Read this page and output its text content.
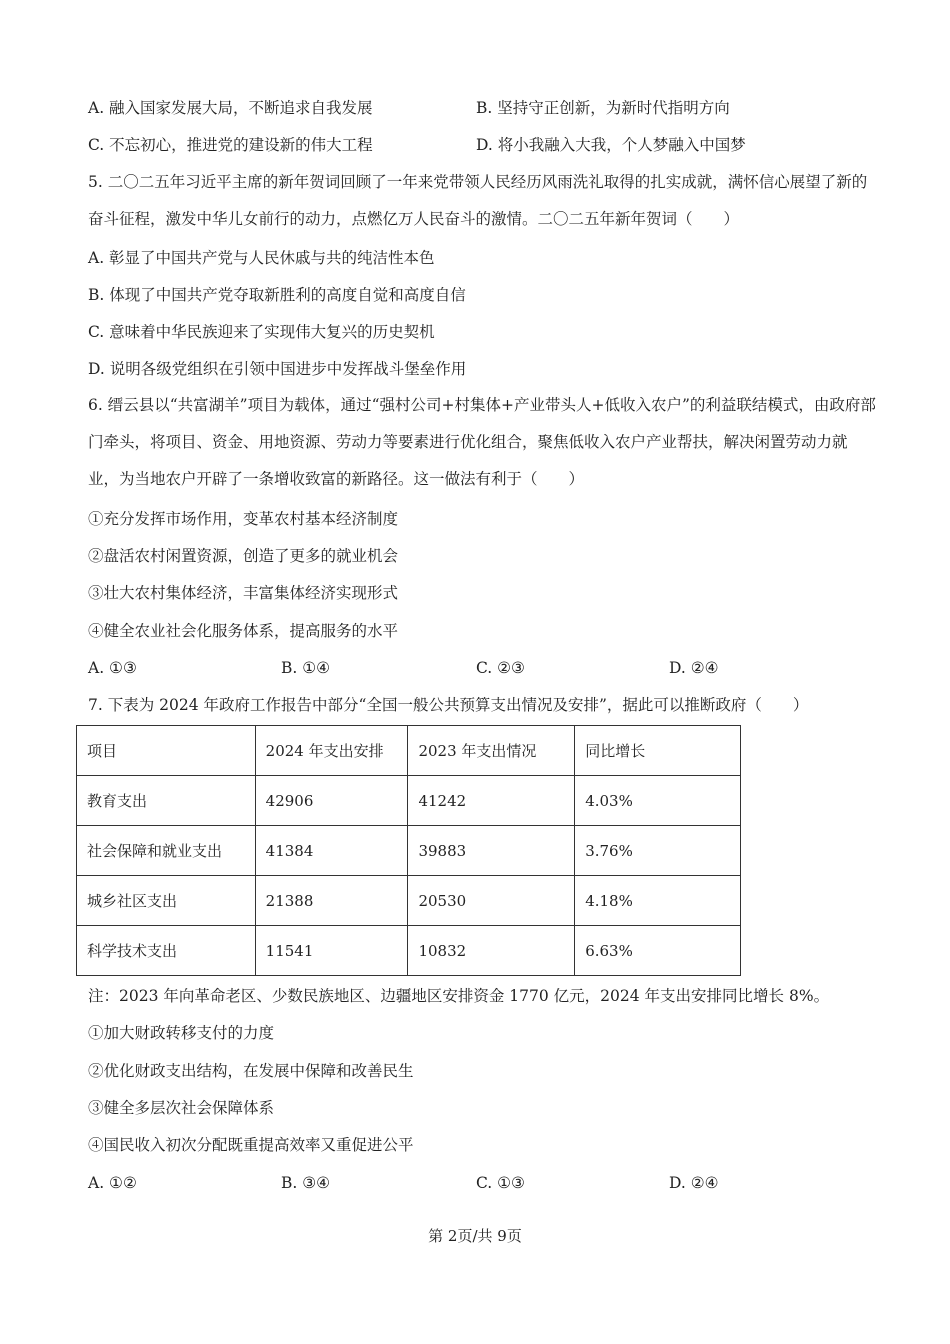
A. 融入国家发展大局，不断追求自我发展	B. 坚持守正创新，为新时代指明方向
C. 不忘初心，推进党的建设新的伟大工程	D. 将小我融入大我，个人梦融入中国梦
5. 二〇二五年习近平主席的新年贺词回顾了一年来党带领人民经历风雨洗礼取得的扎实成就，满怀信心展望了新的奋斗征程，激发中华儿女前行的动力，点燃亿万人民奋斗的激情。二〇二五年新年贺词（　　）
A. 彰显了中国共产党与人民休戚与共的纯洁性本色
B. 体现了中国共产党夺取新胜利的高度自觉和高度自信
C. 意味着中华民族迎来了实现伟大复兴的历史契机
D. 说明各级党组织在引领中国进步中发挥战斗堡垒作用
6. 缙云县以“共富湖羊”项目为载体，通过“强村公司+村集体+产业带头人+低收入农户”的利益联结模式，由政府部门牵头，将项目、资金、用地资源、劳动力等要素进行优化组合，聚焦低收入农户产业帮扶，解决闲置劳动力就业，为当地农户开辟了一条增收致富的新路径。这一做法有利于（　　）
①充分发挥市场作用，变革农村基本经济制度
②盘活农村闲置资源，创造了更多的就业机会
③壮大农村集体经济，丰富集体经济实现形式
④健全农业社会化服务体系，提高服务的水平
A. ①③	B. ①④	C. ②③	D. ②④
7. 下表为 2024 年政府工作报告中部分“全国一般公共预算支出情况及安排”，据此可以推断政府（　　）
项目	2024 年支出安排	2023 年支出情况	同比增长
教育支出	42906	41242	4.03%
社会保障和就业支出	41384	39883	3.76%
城乡社区支出	21388	20530	4.18%
科学技术支出	11541	10832	6.63%
注：2023 年向革命老区、少数民族地区、边疆地区安排资金 1770 亿元，2024 年支出安排同比增长 8%。
①加大财政转移支付的力度
②优化财政支出结构，在发展中保障和改善民生
③健全多层次社会保障体系
④国民收入初次分配既重提高效率又重促进公平
A. ①②	B. ③④	C. ①③	D. ②④
第 2页/共 9页
